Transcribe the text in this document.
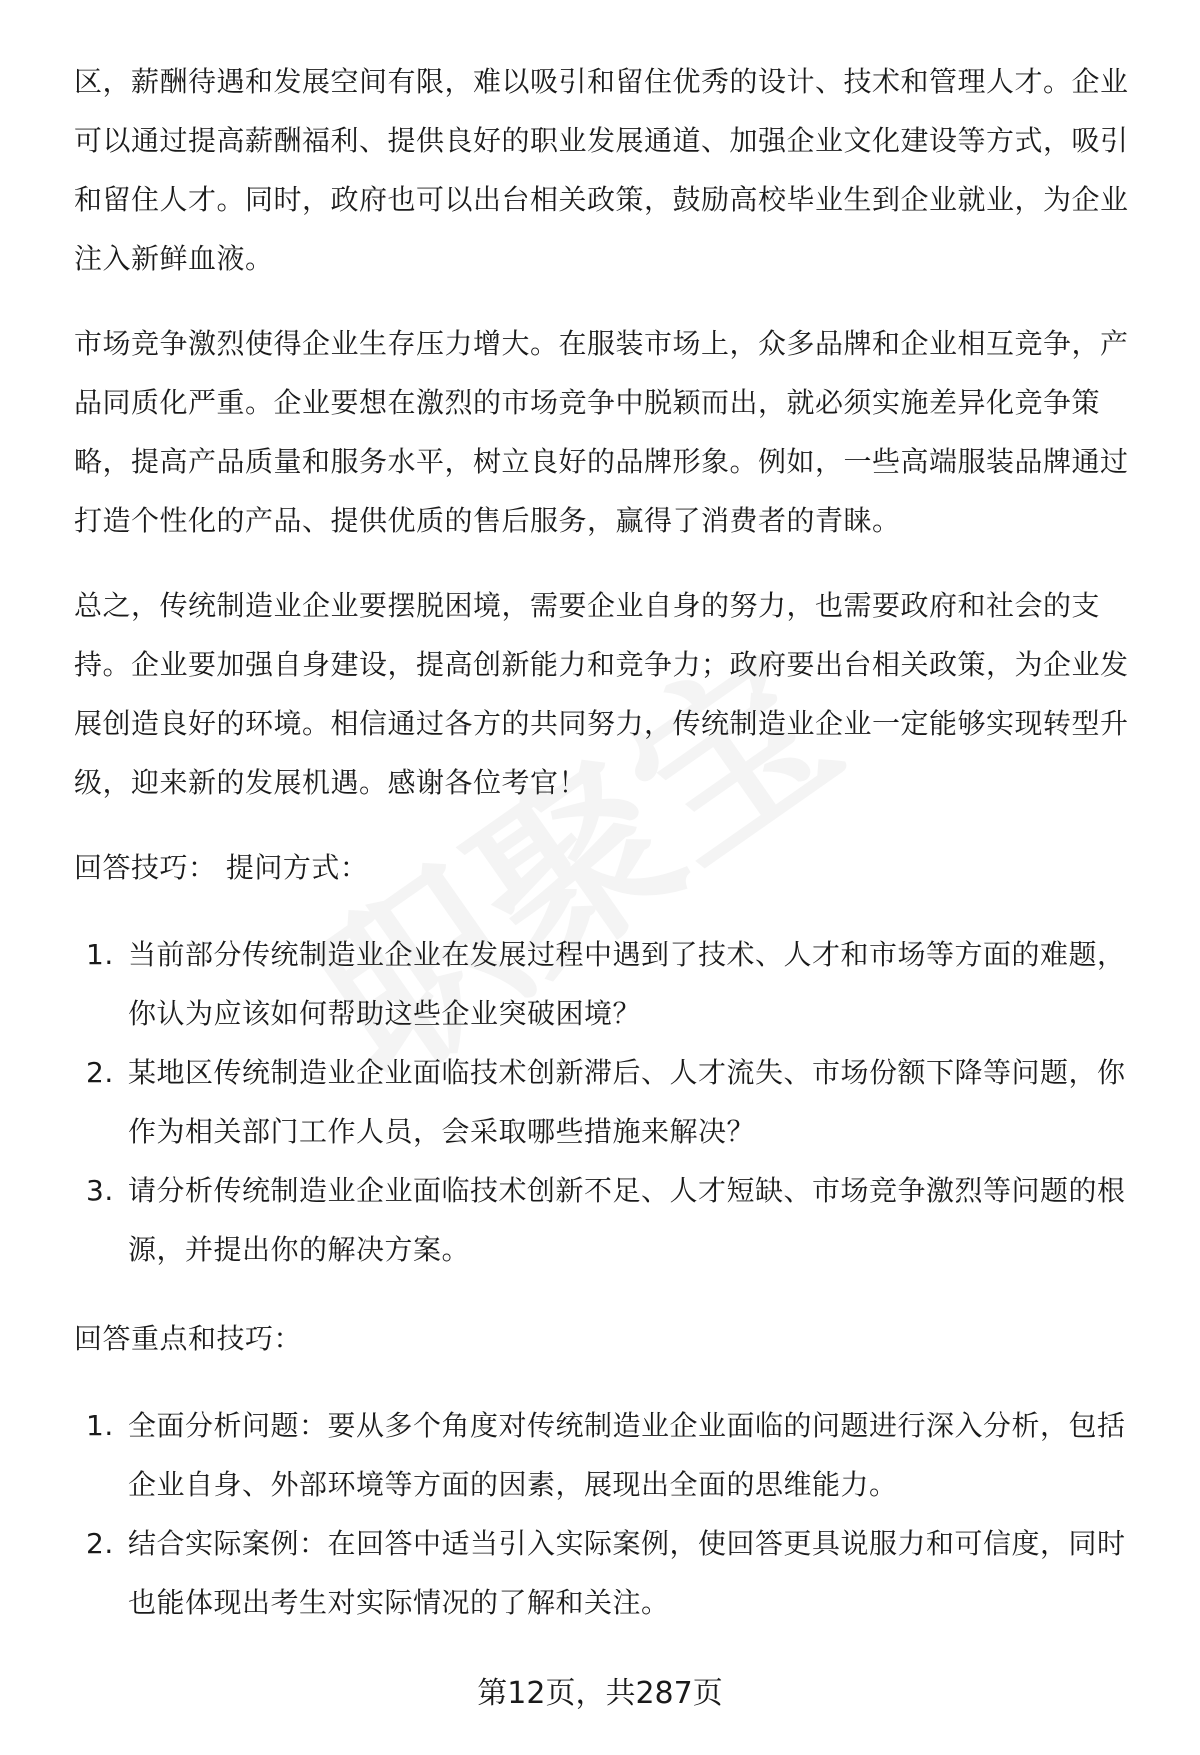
区，薪酬待遇和发展空间有限，难以吸引和留住优秀的设计、技术和管理人才。企业可以通过提高薪酬福利、提供良好的职业发展通道、加强企业文化建设等方式，吸引和留住人才。同时，政府也可以出台相关政策，鼓励高校毕业生到企业就业，为企业注入新鲜血液。

市场竞争激烈使得企业生存压力增大。在服装市场上，众多品牌和企业相互竞争，产品同质化严重。企业要想在激烈的市场竞争中脱颖而出，就必须实施差异化竞争策略，提高产品质量和服务水平，树立良好的品牌形象。例如，一些高端服装品牌通过打造个性化的产品、提供优质的售后服务，赢得了消费者的青睐。

总之，传统制造业企业要摆脱困境，需要企业自身的努力，也需要政府和社会的支持。企业要加强自身建设，提高创新能力和竞争力；政府要出台相关政策，为企业发展创造良好的环境。相信通过各方的共同努力，传统制造业企业一定能够实现转型升级，迎来新的发展机遇。感谢各位考官！

回答技巧： 提问方式：

1. 当前部分传统制造业企业在发展过程中遇到了技术、人才和市场等方面的难题，你认为应该如何帮助这些企业突破困境？
2. 某地区传统制造业企业面临技术创新滞后、人才流失、市场份额下降等问题，你作为相关部门工作人员，会采取哪些措施来解决？
3. 请分析传统制造业企业面临技术创新不足、人才短缺、市场竞争激烈等问题的根源，并提出你的解决方案。

回答重点和技巧：

1. 全面分析问题：要从多个角度对传统制造业企业面临的问题进行深入分析，包括企业自身、外部环境等方面的因素，展现出全面的思维能力。
2. 结合实际案例：在回答中适当引入实际案例，使回答更具说服力和可信度，同时也能体现出考生对实际情况的了解和关注。
第12页，共287页
